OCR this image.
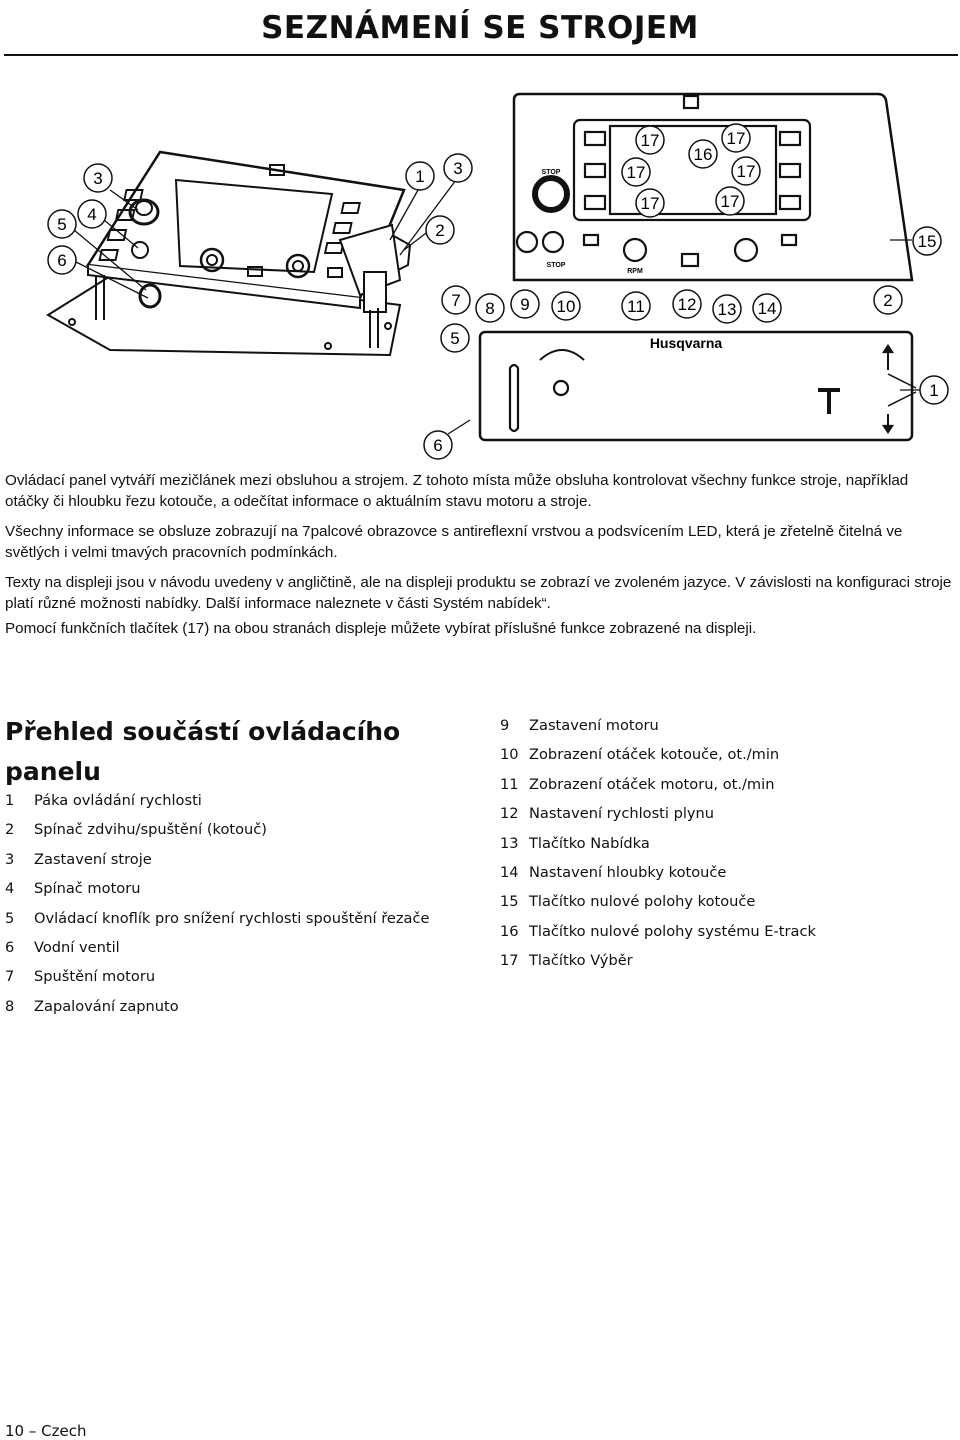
SEZNÁMENÍ SE STROJEM
3	1 3
4
5
6
2
STOP
STOP
RPM
17
17
16
17
17
17	17
15
7 8 9 10	11 12 13 14	2
5
1
6
Husqvarna

Ovládací panel vytváří mezičlánek mezi obsluhou a strojem. Z tohoto místa může obsluha kontrolovat všechny funkce stroje, například otáčky či hloubku řezu kotouče, a odečítat informace o aktuálním stavu motoru a stroje.

Všechny informace se obsluze zobrazují na 7palcové obrazovce s antireflexní vrstvou a podsvícením LED, která je zřetelně čitelná ve světlých i velmi tmavých pracovních podmínkách.

Texty na displeji jsou v návodu uvedeny v angličtině, ale na displeji produktu se zobrazí ve zvoleném jazyce. V závislosti na konfiguraci stroje platí různé možnosti nabídky. Další informace naleznete v části Systém nabídek“.

Pomocí funkčních tlačítek (17) na obou stranách displeje můžete vybírat příslušné funkce zobrazené na displeji.

Přehled součástí ovládacího panelu
1 Páka ovládání rychlosti
2 Spínač zdvihu/spuštění (kotouč)
3 Zastavení stroje
4 Spínač motoru
5 Ovládací knoflík pro snížení rychlosti spouštění řezače
6 Vodní ventil
7 Spuštění motoru
8 Zapalování zapnuto
9 Zastavení motoru
10 Zobrazení otáček kotouče, ot./min
11 Zobrazení otáček motoru, ot./min
12 Nastavení rychlosti plynu
13 Tlačítko Nabídka
14 Nastavení hloubky kotouče
15 Tlačítko nulové polohy kotouče
16 Tlačítko nulové polohy systému E-track
17 Tlačítko Výběr
10 – Czech
